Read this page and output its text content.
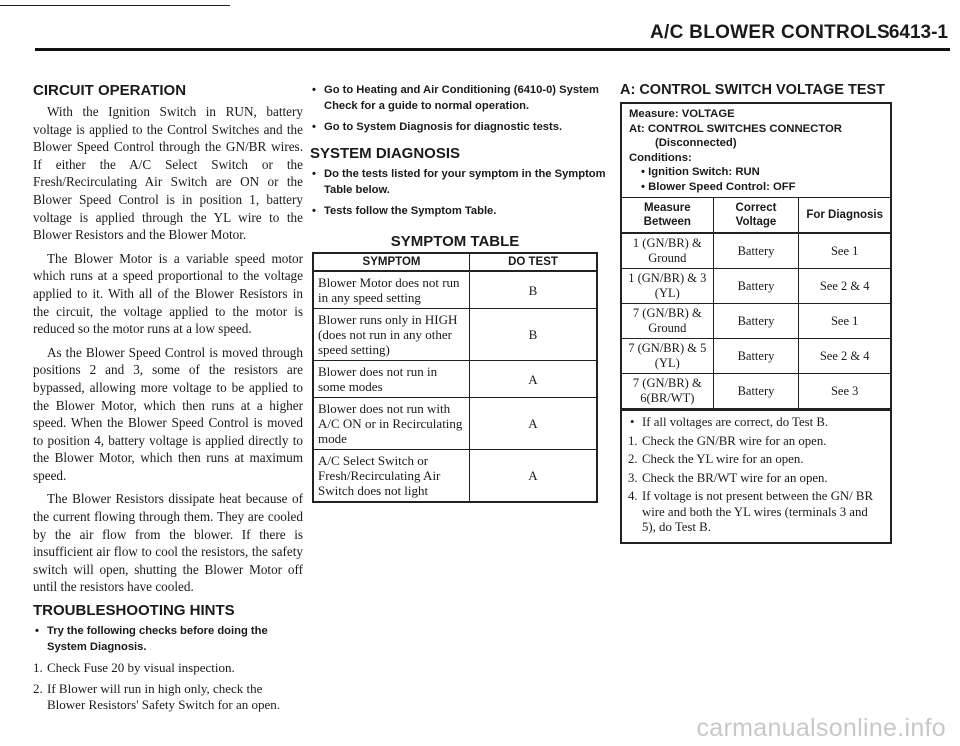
A/C BLOWER CONTROLS
6413-1
CIRCUIT OPERATION

With the Ignition Switch in RUN, battery voltage is applied to the Control Switches and the Blower Speed Control through the GN/BR wires. If either the A/C Select Switch or the Fresh/Recirculating Air Switch are ON or the Blower Speed Control is in position 1, battery voltage is applied through the YL wire to the Blower Resistors and the Blower Motor.

The Blower Motor is a variable speed motor which runs at a speed proportional to the voltage applied to it. With all of the Blower Resistors in the circuit, the voltage applied to the motor is reduced so the motor runs at a low speed.

As the Blower Speed Control is moved through positions 2 and 3, some of the resistors are bypassed, allowing more voltage to be applied to the Blower Motor, which then runs at a higher speed. When the Blower Speed Control is moved to position 4, battery voltage is applied directly to the Blower Motor, which then runs at maximum speed.

The Blower Resistors dissipate heat because of the current flowing through them. They are cooled by the air flow from the blower. If there is insufficient air flow to cool the resistors, the safety switch will open, shutting the Blower Motor off until the resistors have cooled.

TROUBLESHOOTING HINTS
• Try the following checks before doing the System Diagnosis.
1. Check Fuse 20 by visual inspection.
2. If Blower will run in high only, check the Blower Resistors' Safety Switch for an open.
• Go to Heating and Air Conditioning (6410-0) System Check for a guide to normal operation.
• Go to System Diagnosis for diagnostic tests.
SYSTEM DIAGNOSIS
• Do the tests listed for your symptom in the Symptom Table below.
• Tests follow the Symptom Table.
SYMPTOM TABLE
SYMPTOM	DO TEST
Blower Motor does not run in any speed setting	B
Blower runs only in HIGH (does not run in any other speed setting)	B
Blower does not run in some modes	A
Blower does not run with A/C ON or in Recirculating mode	A
A/C Select Switch or Fresh/Recirculating Air Switch does not light	A
A: CONTROL SWITCH VOLTAGE TEST
Measure: VOLTAGE
At: CONTROL SWITCHES CONNECTOR
(Disconnected)
Conditions:
• Ignition Switch: RUN
• Blower Speed Control: OFF
Measure Between	Correct Voltage	For Diagnosis
1 (GN/BR) & Ground	Battery	See 1
1 (GN/BR) & 3 (YL)	Battery	See 2 & 4
7 (GN/BR) & Ground	Battery	See 1
7 (GN/BR) & 5 (YL)	Battery	See 2 & 4
7 (GN/BR) & 6(BR/WT)	Battery	See 3
• If all voltages are correct, do Test B.
1. Check the GN/BR wire for an open.
2. Check the YL wire for an open.
3. Check the BR/WT wire for an open.
4. If voltage is not present between the GN/ BR wire and both the YL wires (terminals 3 and 5), do Test B.
carmanualsonline.info
